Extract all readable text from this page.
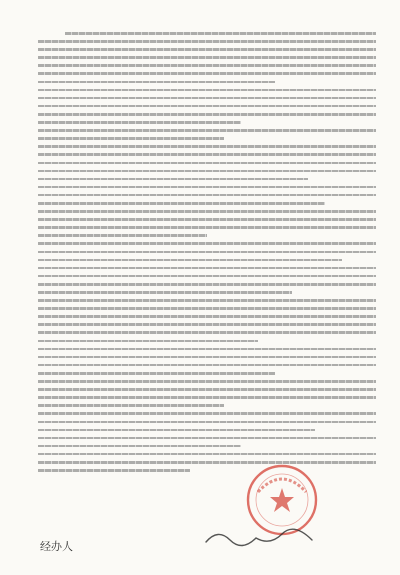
经办人
